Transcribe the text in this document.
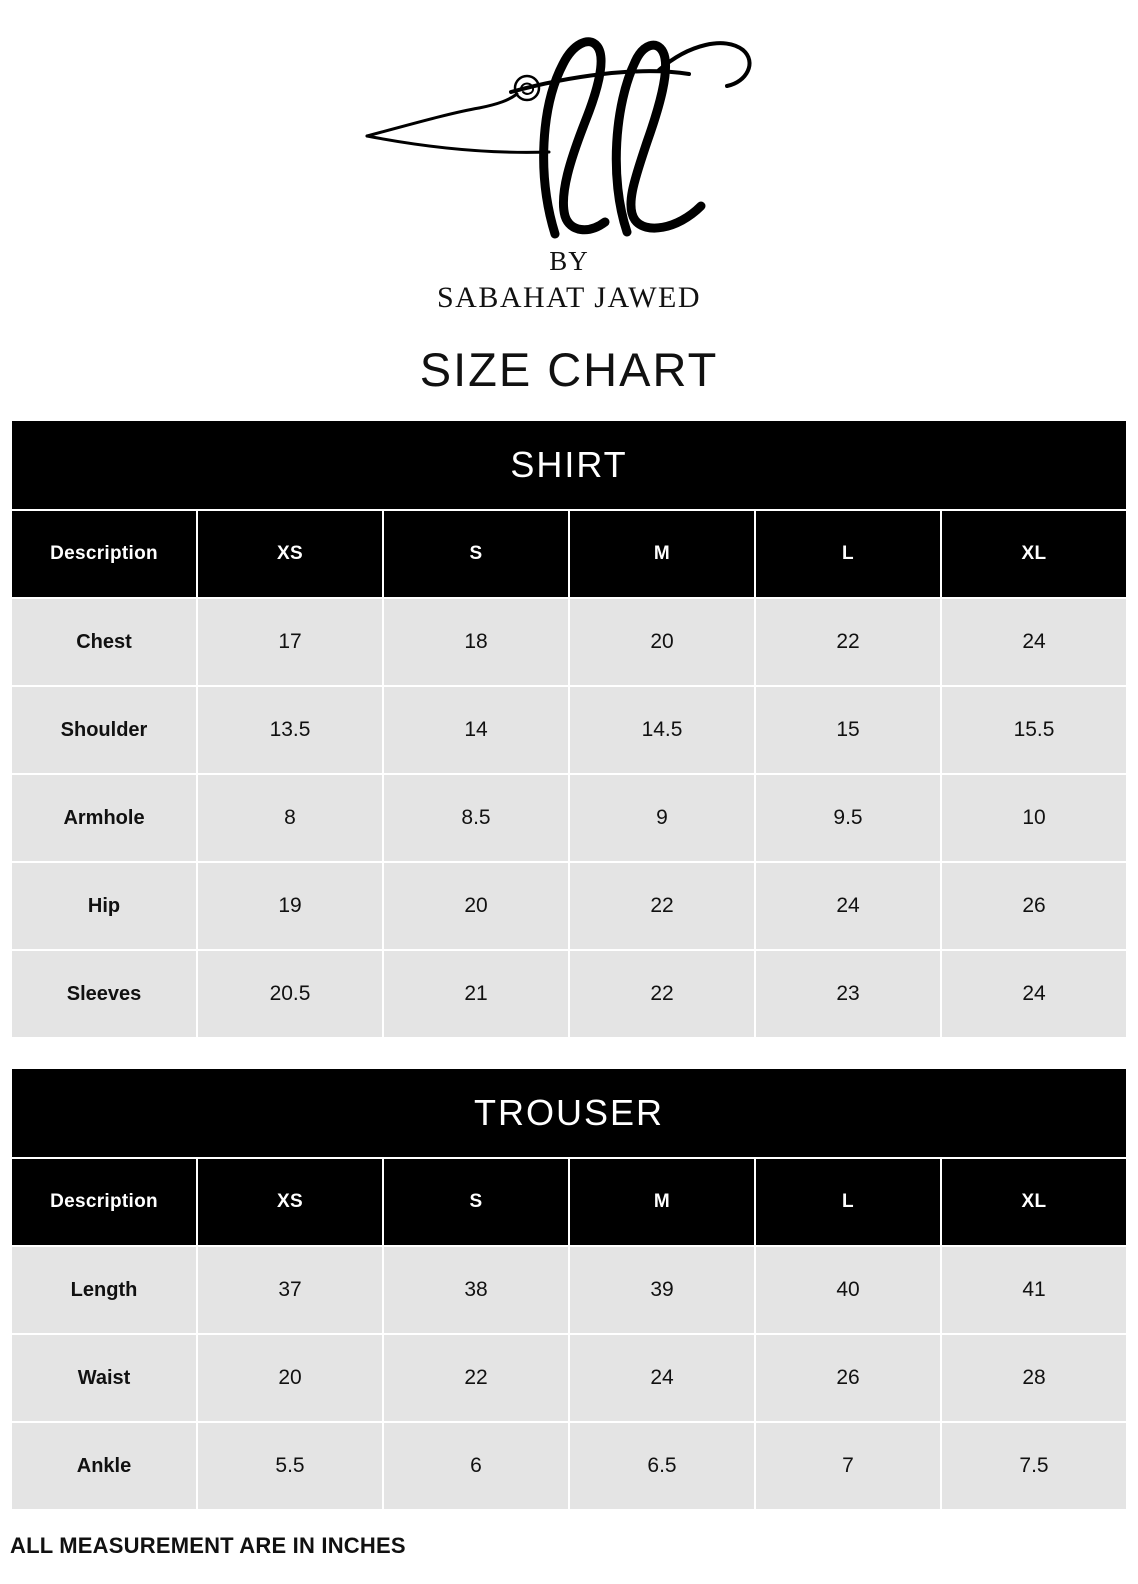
BY
SABAHAT JAWED
SIZE CHART
SHIRT					
Description	XS	S	M	L	XL
Chest	17	18	20	22	24
Shoulder	13.5	14	14.5	15	15.5
Armhole	8	8.5	9	9.5	10
Hip	19	20	22	24	26
Sleeves	20.5	21	22	23	24
TROUSER					
Description	XS	S	M	L	XL
Length	37	38	39	40	41
Waist	20	22	24	26	28
Ankle	5.5	6	6.5	7	7.5
ALL MEASUREMENT ARE IN INCHES
